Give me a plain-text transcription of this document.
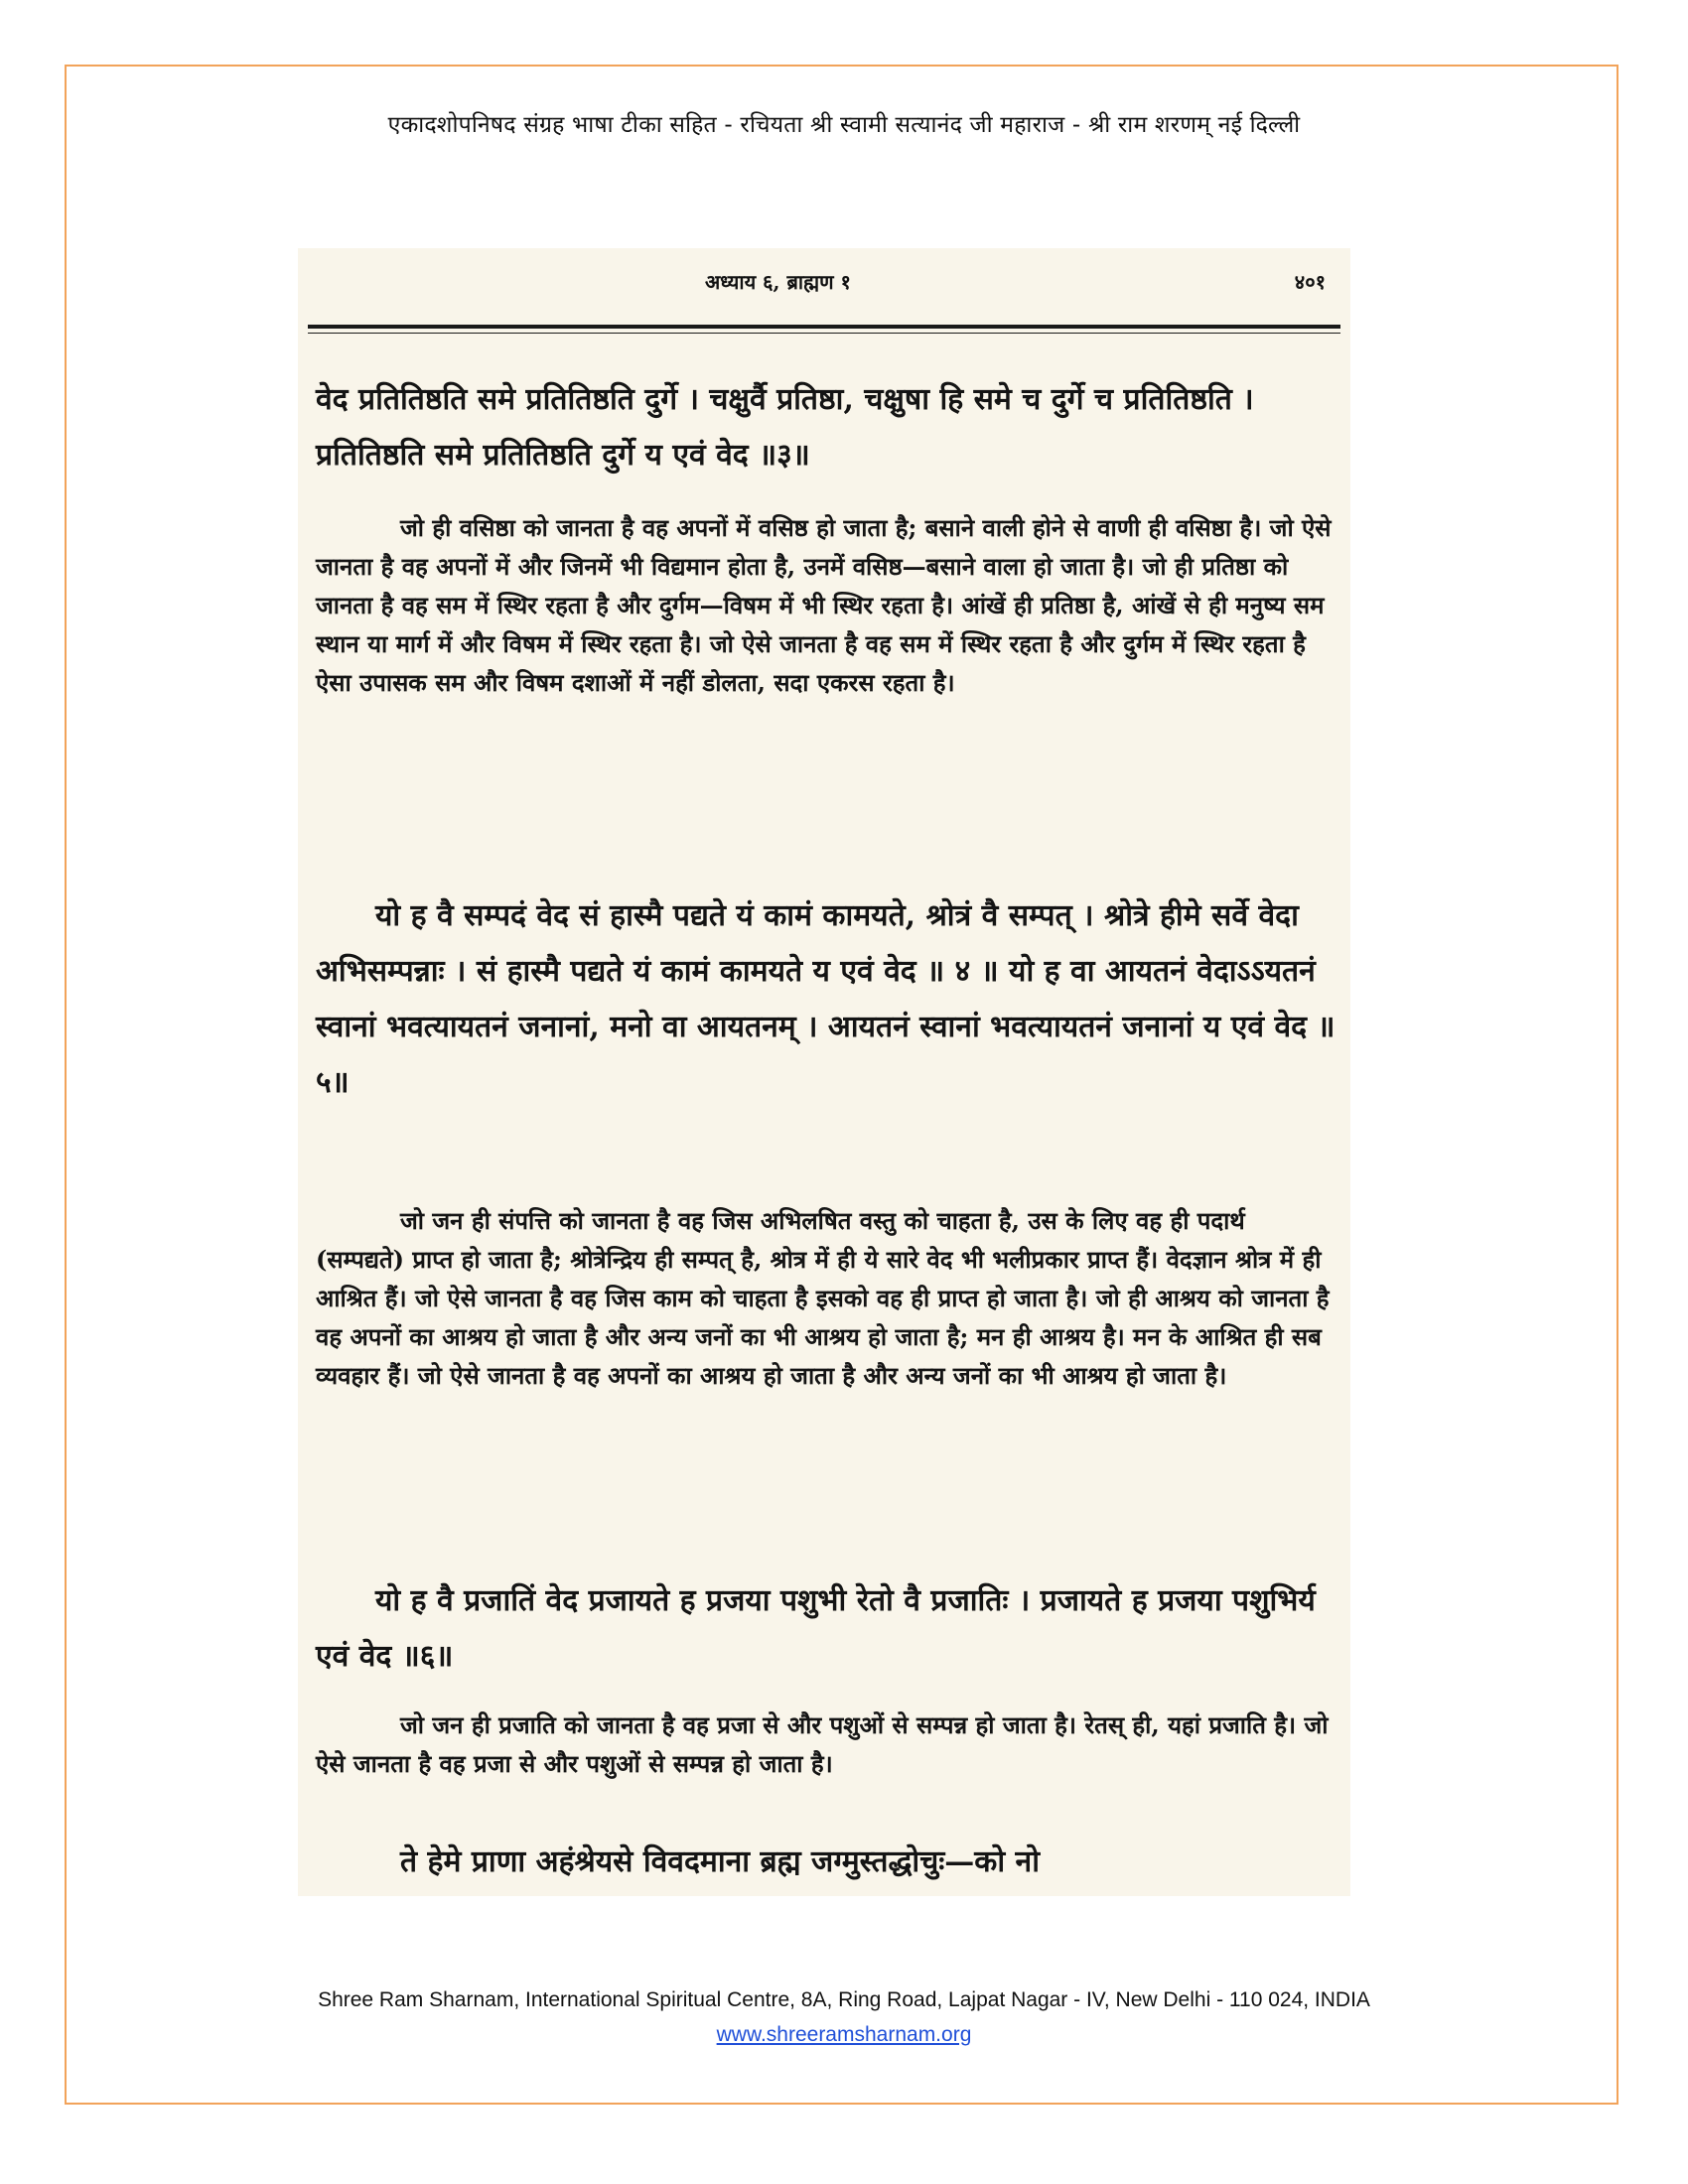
एकादशोपनिषद संग्रह भाषा टीका सहित - रचियता श्री स्वामी सत्यानंद जी महाराज - श्री राम शरणम् नई दिल्ली
अध्याय ६, ब्राह्मण १	४०१

वेद प्रतितिष्ठति समे प्रतितिष्ठति दुर्गे । चक्षुर्वै प्रतिष्ठा, चक्षुषा हि समे च दुर्गे च प्रतितिष्ठति । प्रतितिष्ठति समे प्रतितिष्ठति दुर्गे य एवं वेद ॥३॥

जो ही वसिष्ठा को जानता है वह अपनों में वसिष्ठ हो जाता है; बसाने वाली होने से वाणी ही वसिष्ठा है। जो ऐसे जानता है वह अपनों में और जिनमें भी विद्यमान होता है, उनमें वसिष्ठ—बसाने वाला हो जाता है। जो ही प्रतिष्ठा को जानता है वह सम में स्थिर रहता है और दुर्गम—विषम में भी स्थिर रहता है। आंखें ही प्रतिष्ठा है, आंखें से ही मनुष्य सम स्थान या मार्ग में और विषम में स्थिर रहता है। जो ऐसे जानता है वह सम में स्थिर रहता है और दुर्गम में स्थिर रहता है ऐसा उपासक सम और विषम दशाओं में नहीं डोलता, सदा एकरस रहता है।

यो ह वै सम्पदं वेद सं हास्मै पद्यते यं कामं कामयते, श्रोत्रं वै सम्पत् । श्रोत्रे हीमे सर्वे वेदा अभिसम्पन्नाः । सं हास्मै पद्यते यं कामं कामयते य एवं वेद ॥ ४ ॥ यो ह वा आयतनं वेदाऽऽयतनं स्वानां भवत्यायतनं जनानां, मनो वा आयतनम् । आयतनं स्वानां भवत्यायतनं जनानां य एवं वेद ॥५॥

जो जन ही संपत्ति को जानता है वह जिस अभिलषित वस्तु को चाहता है, उस के लिए वह ही पदार्थ (सम्पद्यते) प्राप्त हो जाता है; श्रोत्रेन्द्रिय ही सम्पत् है, श्रोत्र में ही ये सारे वेद भी भलीप्रकार प्राप्त हैं। वेदज्ञान श्रोत्र में ही आश्रित हैं। जो ऐसे जानता है वह जिस काम को चाहता है इसको वह ही प्राप्त हो जाता है। जो ही आश्रय को जानता है वह अपनों का आश्रय हो जाता है और अन्य जनों का भी आश्रय हो जाता है; मन ही आश्रय है। मन के आश्रित ही सब व्यवहार हैं। जो ऐसे जानता है वह अपनों का आश्रय हो जाता है और अन्य जनों का भी आश्रय हो जाता है।

यो ह वै प्रजातिं वेद प्रजायते ह प्रजया पशुभी रेतो वै प्रजातिः । प्रजायते ह प्रजया पशुभिर्य एवं वेद ॥६॥

जो जन ही प्रजाति को जानता है वह प्रजा से और पशुओं से सम्पन्न हो जाता है। रेतस् ही, यहां प्रजाति है। जो ऐसे जानता है वह प्रजा से और पशुओं से सम्पन्न हो जाता है।

ते हेमे प्राणा अहंश्रेयसे विवदमाना ब्रह्म जग्मुस्तद्धोचुः—को नो

Shree Ram Sharnam, International Spiritual Centre, 8A, Ring Road, Lajpat Nagar - IV, New Delhi - 110 024, INDIA
www.shreeramsharnam.org
